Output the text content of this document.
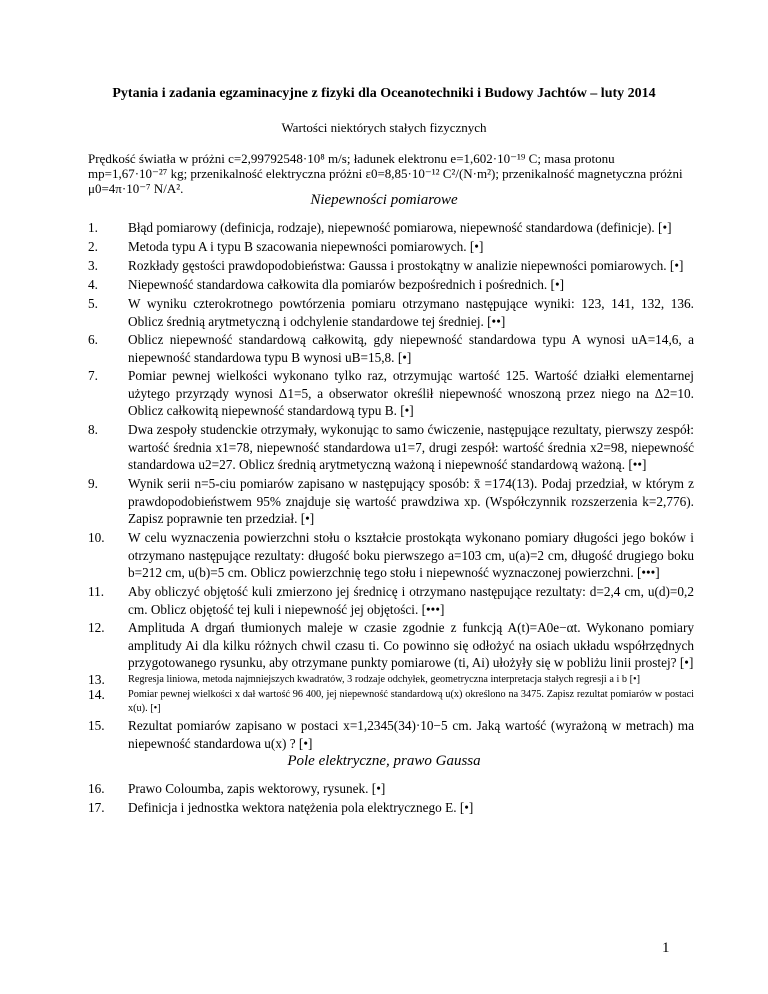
Pytania i zadania egzaminacyjne z fizyki dla Oceanotechniki i Budowy Jachtów – luty 2014
Wartości niektórych stałych fizycznych
Prędkość światła w próżni c=2,99792548·10⁸ m/s; ładunek elektronu e=1,602·10⁻¹⁹ C; masa protonu mp=1,67·10⁻²⁷ kg; przenikalność elektryczna próżni ε0=8,85·10⁻¹² C²/(N·m²); przenikalność magnetyczna próżni μ0=4π·10⁻⁷ N/A².
Niepewności pomiarowe
1.	Błąd pomiarowy (definicja, rodzaje), niepewność pomiarowa, niepewność standardowa (definicje). [•]
2.	Metoda typu A i typu B szacowania niepewności pomiarowych. [•]
3.	Rozkłady gęstości prawdopodobieństwa: Gaussa i prostokątny w analizie niepewności pomiarowych. [•]
4.	Niepewność standardowa całkowita dla pomiarów bezpośrednich i pośrednich. [•]
5.	W wyniku czterokrotnego powtórzenia pomiaru otrzymano następujące wyniki: 123, 141, 132, 136. Oblicz średnią arytmetyczną i odchylenie standardowe tej średniej. [••]
6.	Oblicz niepewność standardową całkowitą, gdy niepewność standardowa typu A wynosi uA=14,6, a niepewność standardowa typu B wynosi uB=15,8. [•]
7.	Pomiar pewnej wielkości wykonano tylko raz, otrzymując wartość 125. Wartość działki elementarnej użytego przyrządy wynosi Δ1=5, a obserwator określił niepewność wnoszoną przez niego na Δ2=10. Oblicz całkowitą niepewność standardową typu B. [•]
8.	Dwa zespoły studenckie otrzymały, wykonując to samo ćwiczenie, następujące rezultaty, pierwszy zespół: wartość średnia x1=78, niepewność standardowa u1=7, drugi zespół: wartość średnia x2=98, niepewność standardowa u2=27. Oblicz średnią arytmetyczną ważoną i niepewność standardową ważoną. [••]
9.	Wynik serii n=5-ciu pomiarów zapisano w następujący sposób: x̄ =174(13). Podaj przedział, w którym z prawdopodobieństwem 95% znajduje się wartość prawdziwa xp. (Współczynnik rozszerzenia k=2,776). Zapisz poprawnie ten przedział. [•]
10.	W celu wyznaczenia powierzchni stołu o kształcie prostokąta wykonano pomiary długości jego boków i otrzymano następujące rezultaty: długość boku pierwszego a=103 cm, u(a)=2 cm, długość drugiego boku b=212 cm, u(b)=5 cm. Oblicz powierzchnię tego stołu i niepewność wyznaczonej powierzchni. [•••]
11.	Aby obliczyć objętość kuli zmierzono jej średnicę i otrzymano następujące rezultaty: d=2,4 cm, u(d)=0,2 cm. Oblicz objętość tej kuli i niepewność jej objętości. [•••]
12.	Amplituda A drgań tłumionych maleje w czasie zgodnie z funkcją A(t)=A0e−αt. Wykonano pomiary amplitudy Ai dla kilku różnych chwil czasu ti. Co powinno się odłożyć na osiach układu współrzędnych przygotowanego rysunku, aby otrzymane punkty pomiarowe (ti, Ai) ułożyły się w pobliżu linii prostej? [•]
13.	Regresja liniowa, metoda najmniejszych kwadratów, 3 rodzaje odchyłek, geometryczna interpretacja stałych regresji a i b [•]
14.	Pomiar pewnej wielkości x dał wartość 96 400, jej niepewność standardową u(x) określono na 3475. Zapisz rezultat pomiarów w postaci x(u). [•]
15.	Rezultat pomiarów zapisano w postaci x=1,2345(34)·10−5 cm. Jaką wartość (wyrażoną w metrach) ma niepewność standardowa u(x) ? [•]
Pole elektryczne, prawo Gaussa
16.	Prawo Coloumba, zapis wektorowy, rysunek. [•]
17.	Definicja i jednostka wektora natężenia pola elektrycznego E. [•]
1
